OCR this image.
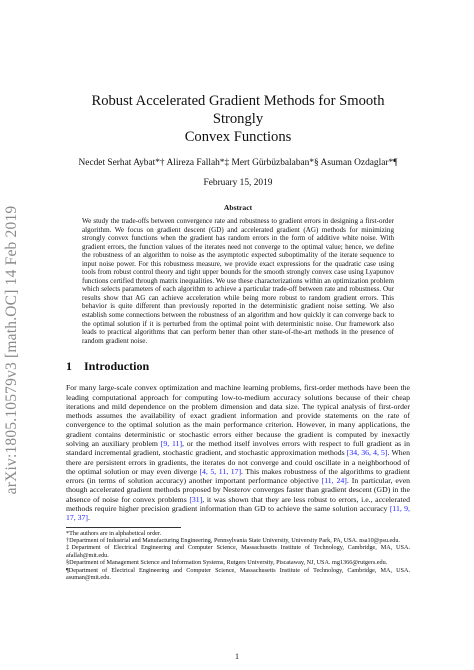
arXiv:1805.10579v3 [math.OC] 14 Feb 2019
Robust Accelerated Gradient Methods for Smooth Strongly
Convex Functions
Necdet Serhat Aybat*† Alireza Fallah*‡ Mert Gürbüzbalaban*§ Asuman Ozdaglar*¶
February 15, 2019
Abstract
We study the trade-offs between convergence rate and robustness to gradient errors in designing a first-order algorithm. We focus on gradient descent (GD) and accelerated gradient (AG) methods for minimizing strongly convex functions when the gradient has random errors in the form of additive white noise. With gradient errors, the function values of the iterates need not converge to the optimal value; hence, we define the robustness of an algorithm to noise as the asymptotic expected suboptimality of the iterate sequence to input noise power. For this robustness measure, we provide exact expressions for the quadratic case using tools from robust control theory and tight upper bounds for the smooth strongly convex case using Lyapunov functions certified through matrix inequalities. We use these characterizations within an optimization problem which selects parameters of each algorithm to achieve a particular trade-off between rate and robustness. Our results show that AG can achieve acceleration while being more robust to random gradient errors. This behavior is quite different than previously reported in the deterministic gradient noise setting. We also establish some connections between the robustness of an algorithm and how quickly it can converge back to the optimal solution if it is perturbed from the optimal point with deterministic noise. Our framework also leads to practical algorithms that can perform better than other state-of-the-art methods in the presence of random gradient noise.
1 Introduction
For many large-scale convex optimization and machine learning problems, first-order methods have been the leading computational approach for computing low-to-medium accuracy solutions because of their cheap iterations and mild dependence on the problem dimension and data size. The typical analysis of first-order methods assumes the availability of exact gradient information and provide statements on the rate of convergence to the optimal solution as the main performance criterion. However, in many applications, the gradient contains deterministic or stochastic errors either because the gradient is computed by inexactly solving an auxiliary problem [9, 11], or the method itself involves errors with respect to full gradient as in standard incremental gradient, stochastic gradient, and stochastic approximation methods [34, 36, 4, 5]. When there are persistent errors in gradients, the iterates do not converge and could oscillate in a neighborhood of the optimal solution or may even diverge [4, 5, 11, 17]. This makes robustness of the algorithms to gradient errors (in terms of solution accuracy) another important performance objective [11, 24]. In particular, even though accelerated gradient methods proposed by Nesterov converges faster than gradient descent (GD) in the absence of noise for convex problems [31], it was shown that they are less robust to errors, i.e., accelerated methods require higher precision gradient information than GD to achieve the same solution accuracy [11, 9, 17, 37].
*The authors are in alphabetical order.
†Department of Industrial and Manufacturing Engineering, Pennsylvania State University, University Park, PA, USA. nsa10@psu.edu.
‡Department of Electrical Engineering and Computer Science, Massachusetts Institute of Technology, Cambridge, MA, USA. afallah@mit.edu.
§Department of Management Science and Information Systems, Rutgers University, Piscataway, NJ, USA. mg1366@rutgers.edu.
¶Department of Electrical Engineering and Computer Science, Massachusetts Institute of Technology, Cambridge, MA, USA. asuman@mit.edu.
1
